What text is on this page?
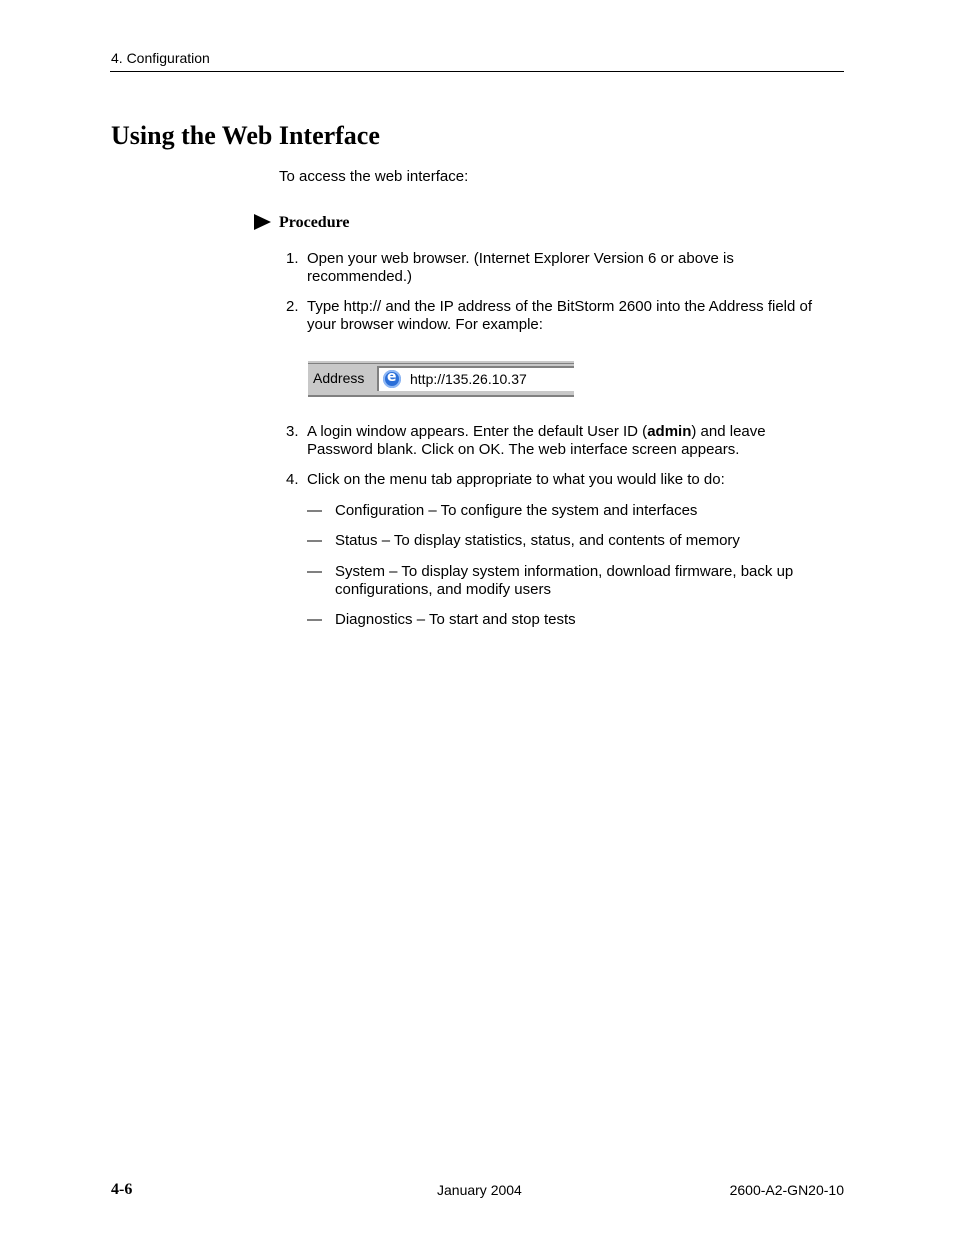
4. Configuration
Using the Web Interface
To access the web interface:
Procedure
1. Open your web browser. (Internet Explorer Version 6 or above is
recommended.)
2. Type http:// and the IP address of the BitStorm 2600 into the Address field of
your browser window. For example:
Address
e	http://135.26.10.37
3. A login window appears. Enter the default User ID (admin) and leave
Password blank. Click on OK. The web interface screen appears.
4. Click on the menu tab appropriate to what you would like to do:
— Configuration – To configure the system and interfaces
— Status – To display statistics, status, and contents of memory
— System – To display system information, download firmware, back up
configurations, and modify users
— Diagnostics – To start and stop tests
4-6	January 2004	2600-A2-GN20-10
